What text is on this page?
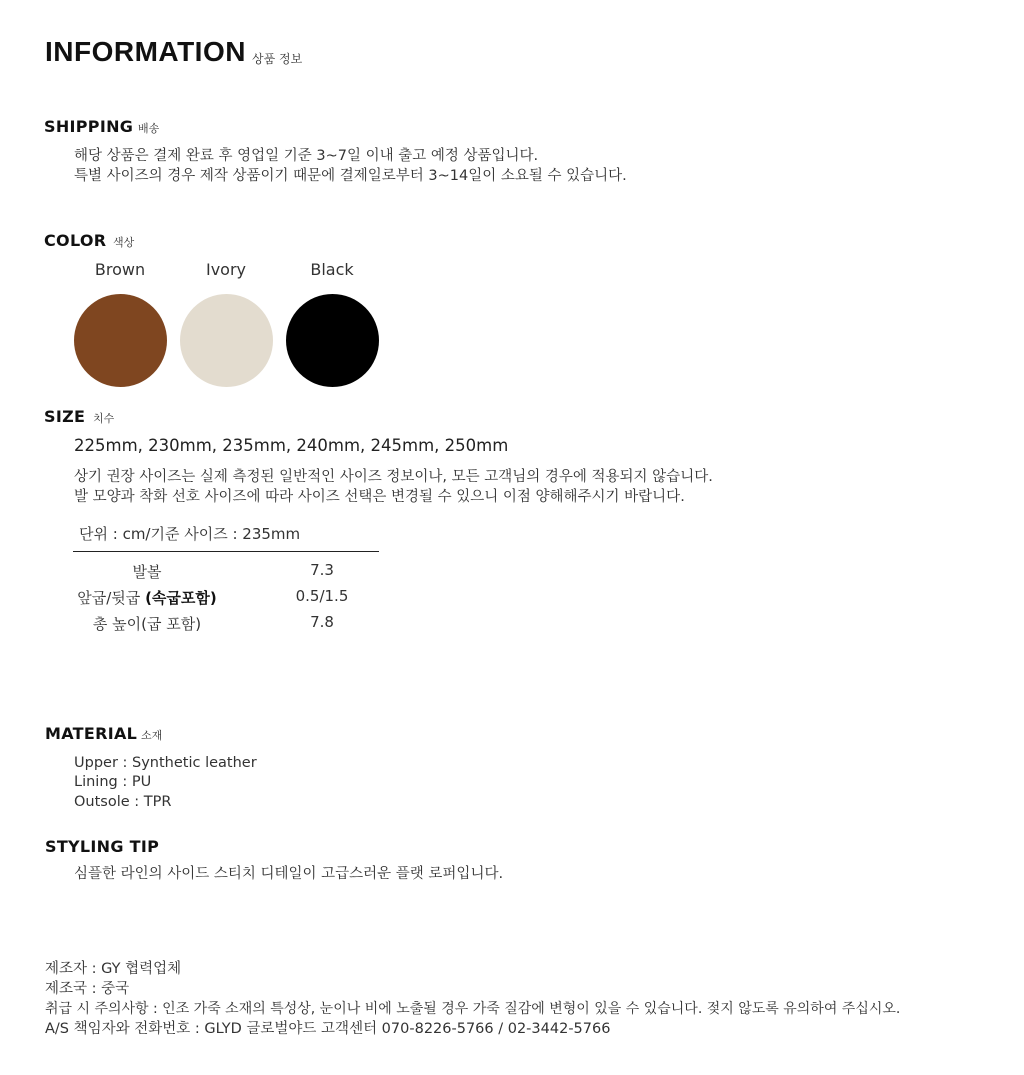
INFORMATION 상품 정보
SHIPPING 배송
해당 상품은 결제 완료 후 영업일 기준 3~7일 이내 출고 예정 상품입니다.
특별 사이즈의 경우 제작 상품이기 때문에 결제일로부터 3~14일이 소요될 수 있습니다.
COLOR 색상
Brown	Ivory	Black
SIZE 치수
225mm, 230mm, 235mm, 240mm, 245mm, 250mm
상기 권장 사이즈는 실제 측정된 일반적인 사이즈 정보이나, 모든 고객님의 경우에 적용되지 않습니다.
발 모양과 착화 선호 사이즈에 따라 사이즈 선택은 변경될 수 있으니 이점 양해해주시기 바랍니다.
단위 : cm/기준 사이즈 : 235mm
발볼	7.3
앞굽/뒷굽 (속굽포함)	0.5/1.5
총 높이(굽 포함)	7.8
MATERIAL 소재
Upper : Synthetic leather
Lining : PU
Outsole : TPR
STYLING TIP
심플한 라인의 사이드 스티치 디테일이 고급스러운 플랫 로퍼입니다.
제조자 : GY 협력업체
제조국 : 중국
취급 시 주의사항 : 인조 가죽 소재의 특성상, 눈이나 비에 노출될 경우 가죽 질감에 변형이 있을 수 있습니다. 젖지 않도록 유의하여 주십시오.
A/S 책임자와 전화번호 : GLYD 글로벌야드 고객센터 070-8226-5766 / 02-3442-5766
